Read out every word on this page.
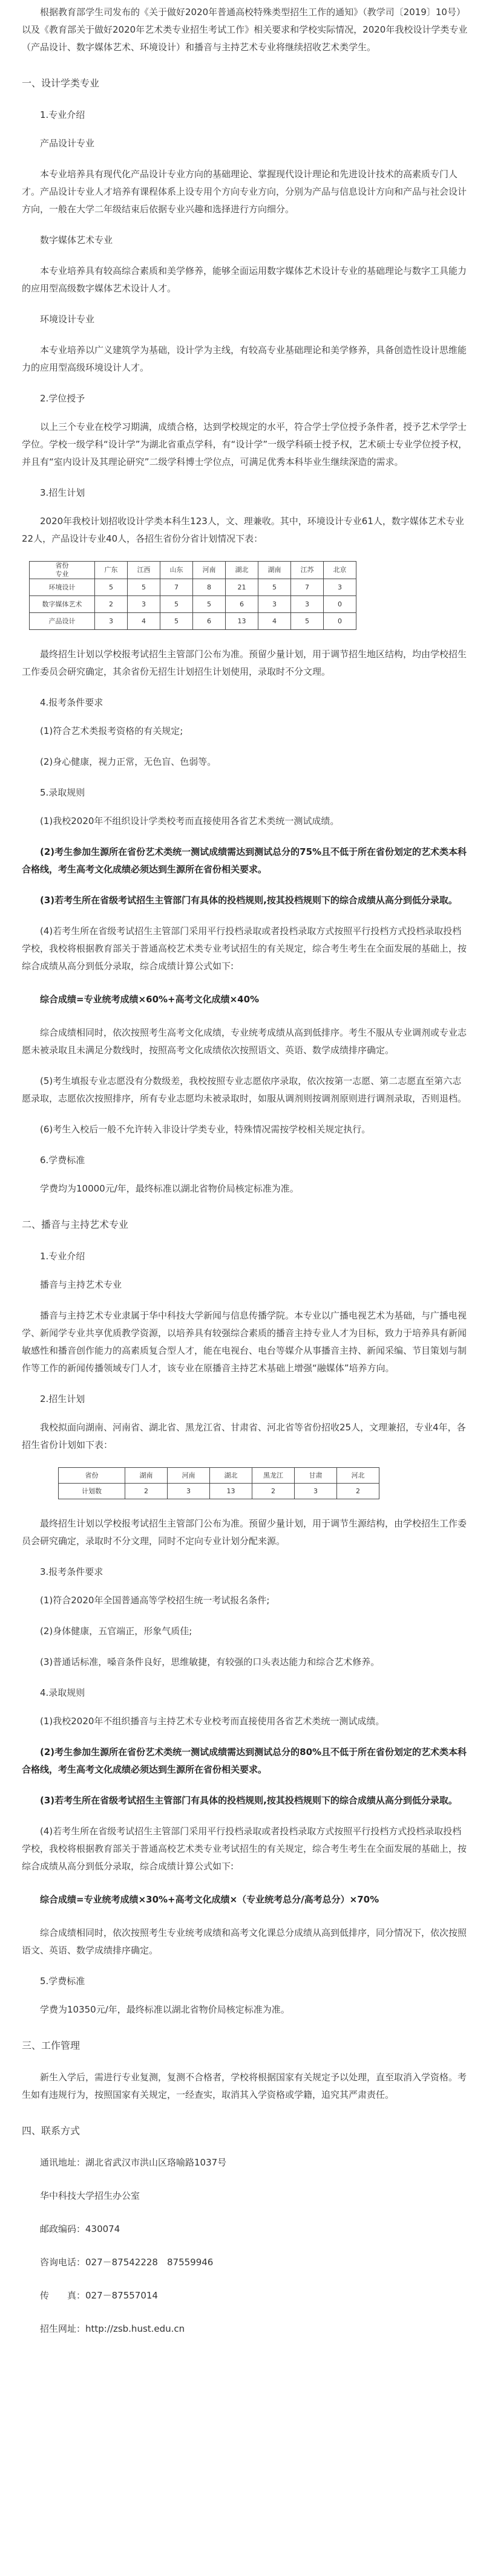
根据教育部学生司发布的《关于做好2020年普通高校特殊类型招生工作的通知》（教学司〔2019〕10号）以及《教育部关于做好2020年艺术类专业招生考试工作》相关要求和学校实际情况，2020年我校设计学类专业（产品设计、数字媒体艺术、环境设计）和播音与主持艺术专业将继续招收艺术类学生。

一、设计学类专业
1.专业介绍

产品设计专业

本专业培养具有现代化产品设计专业方向的基础理论、掌握现代设计理论和先进设计技术的高素质专门人才。产品设计专业人才培养有课程体系上设专用个方向专业方向，分别为产品与信息设计方向和产品与社会设计方向，一般在大学二年级结束后依据专业兴趣和选择进行方向细分。

数字媒体艺术专业

本专业培养具有较高综合素质和美学修养，能够全面运用数字媒体艺术设计专业的基础理论与数字工具能力的应用型高级数字媒体艺术设计人才。

环境设计专业

本专业培养以广义建筑学为基础，设计学为主线，有较高专业基础理论和美学修养，具备创造性设计思维能力的应用型高级环境设计人才。

2.学位授予

以上三个专业在校学习期满，成绩合格，达到学校规定的水平，符合学士学位授予条件者，授予艺术学学士学位。学校一级学科“设计学”为湖北省重点学科，有“设计学”一级学科硕士授予权，艺术硕士专业学位授予权，并且有“室内设计及其理论研究”二级学科博士学位点，可满足优秀本科毕业生继续深造的需求。

3.招生计划

2020年我校计划招收设计学类本科生123人，文、理兼收。其中，环境设计专业61人，数字媒体艺术专业22人，产品设计专业40人，各招生省份分省计划情况下表：

省份
专业	广东	江西	山东	河南	湖北	湖南	江苏	北京
环境设计	5	5	7	8	21	5	7	3
数字媒体艺术	2	3	5	5	6	3	3	0
产品设计	3	4	5	6	13	4	5	0

最终招生计划以学校报考试招生主管部门公布为准。预留少量计划，用于调节招生地区结构，均由学校招生工作委员会研究确定，其余省份无招生计划招生计划使用，录取时不分文理。

4.报考条件要求

(1)符合艺术类报考资格的有关规定;

(2)身心健康，视力正常，无色盲、色弱等。

5.录取规则

(1)我校2020年不组织设计学类校考而直接使用各省艺术类统一测试成绩。

(2)考生参加生源所在省份艺术类统一测试成绩需达到测试总分的75%且不低于所在省份划定的艺术类本科合格线，考生高考文化成绩必须达到生源所在省份相关要求。

(3)若考生所在省级考试招生主管部门有具体的投档规则,按其投档规则下的综合成绩从高分到低分录取。

(4)若考生所在省级考试招生主管部门采用平行投档录取或者投档录取方式按照平行投档方式投档录取投档学校，我校将根据教育部关于普通高校艺术类专业考试招生的有关规定，综合考生考生在全面发展的基础上，按综合成绩从高分到低分录取，综合成绩计算公式如下:

综合成绩=专业统考成绩×60%+高考文化成绩×40%

综合成绩相同时，依次按照考生高考文化成绩，专业统考成绩从高到低排序。考生不服从专业调剂或专业志愿未被录取且未满足分数线时，按照高考文化成绩依次按照语文、英语、数学成绩排序确定。

(5)考生填报专业志愿没有分数级差，我校按照专业志愿依序录取，依次按第一志愿、第二志愿直至第六志愿录取，志愿依次按照排序，所有专业志愿均未被录取时，如服从调剂则按调剂原则进行调剂录取，否则退档。

(6)考生入校后一般不允许转入非设计学类专业，特殊情况需按学校相关规定执行。

6.学费标准

学费均为10000元/年，最终标准以湖北省物价局核定标准为准。

二、播音与主持艺术专业
1.专业介绍

播音与主持艺术专业

播音与主持艺术专业隶属于华中科技大学新闻与信息传播学院。本专业以广播电视艺术为基础，与广播电视学、新闻学专业共享优质教学资源，以培养具有较强综合素质的播音主持专业人才为目标，致力于培养具有新闻敏感性和播音创作能力的高素质复合型人才，能在电视台、电台等媒介从事播音主持、新闻采编、节目策划与制作等工作的新闻传播领域专门人才，该专业在原播音主持艺术基础上增强“融媒体”培养方向。

2.招生计划

我校拟面向湖南、河南省、湖北省、黑龙江省、甘肃省、河北省等省份招收25人，文理兼招，专业4年，各招生省份计划如下表：

省份	湖南	河南	湖北	黑龙江	甘肃	河北
计划数	2	3	13	2	3	2

最终招生计划以学校报考试招生主管部门公布为准。预留少量计划，用于调节生源结构，由学校招生工作委员会研究确定，录取时不分文理，同时不定向专业计划分配来源。

3.报考条件要求

(1)符合2020年全国普通高等学校招生统一考试报名条件;

(2)身体健康，五官端正，形象气质佳;

(3)普通话标准，嗓音条件良好，思维敏捷，有较强的口头表达能力和综合艺术修养。

4.录取规则

(1)我校2020年不组织播音与主持艺术专业校考而直接使用各省艺术类统一测试成绩。

(2)考生参加生源所在省份艺术类统一测试成绩需达到测试总分的80%且不低于所在省份划定的艺术类本科合格线，考生高考文化成绩必须达到生源所在省份相关要求。

(3)若考生所在省级考试招生主管部门有具体的投档规则,按其投档规则下的综合成绩从高分到低分录取。

(4)若考生所在省级考试招生主管部门采用平行投档录取或者投档录取方式按照平行投档方式投档录取投档学校，我校将根据教育部关于普通高校艺术类专业考试招生的有关规定，综合考生考生在全面发展的基础上，按综合成绩从高分到低分录取，综合成绩计算公式如下:

综合成绩=专业统考成绩×30%+高考文化成绩×（专业统考总分/高考总分）×70%

综合成绩相同时，依次按照考生专业统考成绩和高考文化课总分成绩从高到低排序，同分情况下，依次按照语文、英语、数学成绩排序确定。

5.学费标准

学费为10350元/年，最终标准以湖北省物价局核定标准为准。

三、工作管理

新生入学后，需进行专业复测，复测不合格者，学校将根据国家有关规定予以处理，直至取消入学资格。考生如有违规行为，按照国家有关规定，一经查实，取消其入学资格或学籍，追究其严肃责任。

四、联系方式

通讯地址：湖北省武汉市洪山区珞喻路1037号

华中科技大学招生办公室

邮政编码：430074

咨询电话：027－87542228　87559946

传　　真：027－87557014

招生网址：http://zsb.hust.edu.cn
